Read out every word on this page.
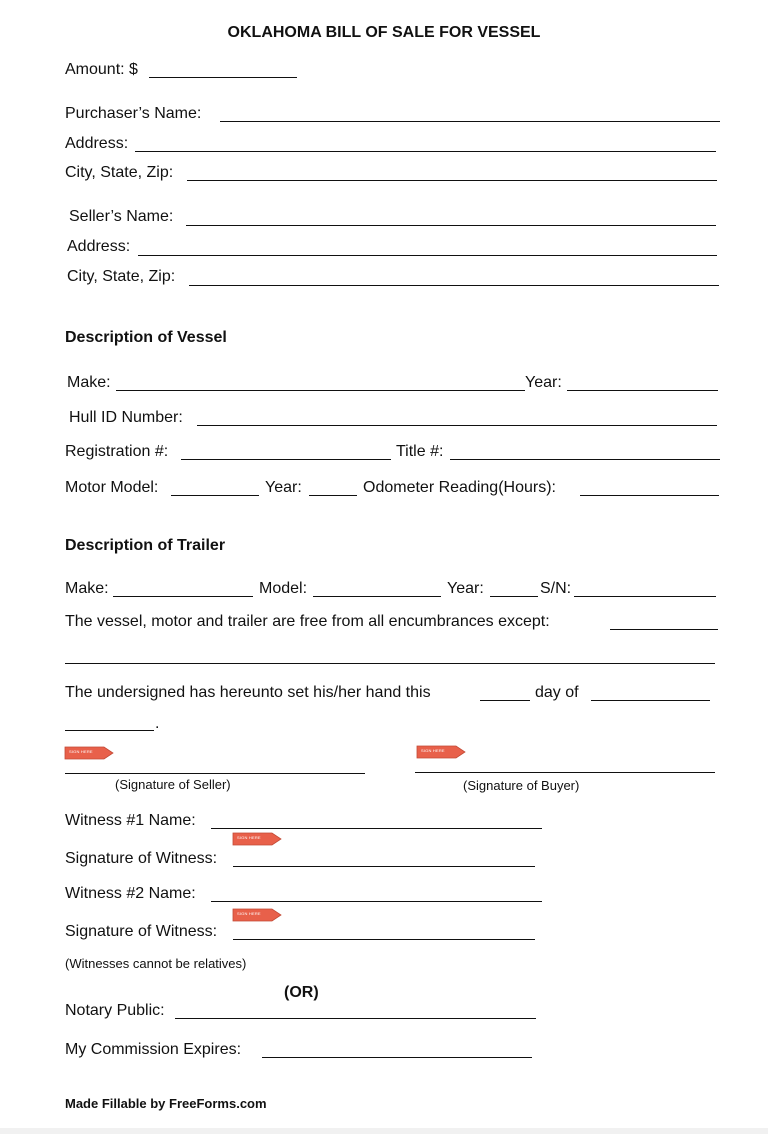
OKLAHOMA BILL OF SALE FOR VESSEL
Amount: $
Purchaser’s Name:
Address:
City, State, Zip:
Seller’s Name:
Address:
City, State, Zip:
Description of Vessel
Make:	Year:
Hull ID Number:
Registration #:	Title #:
Motor Model:	Year:	Odometer Reading(Hours):
Description of Trailer
Make:	Model:	Year:	S/N:
The vessel, motor and trailer are free from all encumbrances except:
The undersigned has hereunto set his/her hand this	day of
.
SIGN HERE
(Signature of Seller)
SIGN HERE
(Signature of Buyer)
Witness #1 Name:
SIGN HERE
Signature of Witness:
Witness #2 Name:
SIGN HERE
Signature of Witness:
(Witnesses cannot be relatives)
(OR)
Notary Public:
My Commission Expires:
Made Fillable by FreeForms.com
